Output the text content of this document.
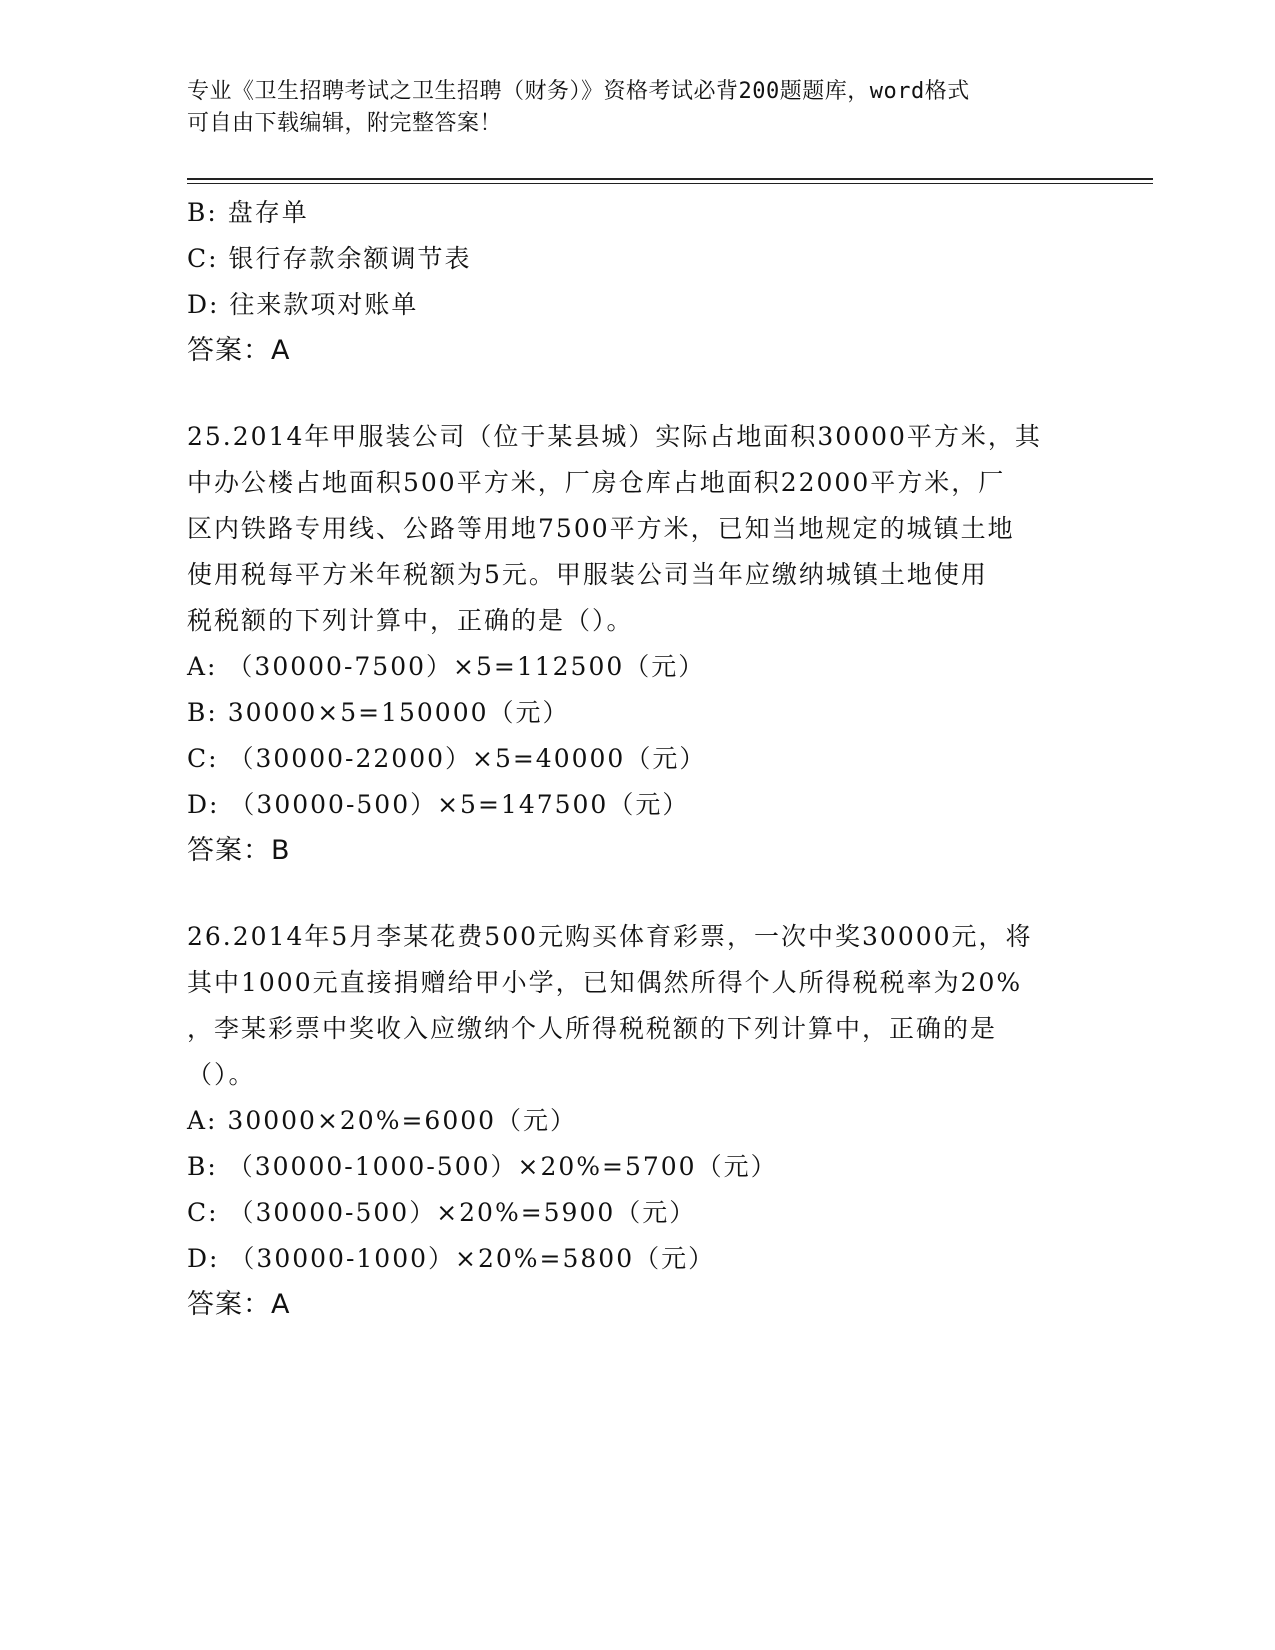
专业《卫生招聘考试之卫生招聘（财务）》资格考试必背200题题库，word格式
可自由下载编辑，附完整答案！
B: 盘存单
C: 银行存款余额调节表
D: 往来款项对账单
答案：A
25.2014年甲服装公司（位于某县城）实际占地面积30000平方米，其
中办公楼占地面积500平方米，厂房仓库占地面积22000平方米，厂
区内铁路专用线、公路等用地7500平方米，已知当地规定的城镇土地
使用税每平方米年税额为5元。甲服装公司当年应缴纳城镇土地使用
税税额的下列计算中，正确的是（）。
A: （30000-7500）×5=112500（元）
B: 30000×5=150000（元）
C: （30000-22000）×5=40000（元）
D: （30000-500）×5=147500（元）
答案：B
26.2014年5月李某花费500元购买体育彩票，一次中奖30000元，将
其中1000元直接捐赠给甲小学，已知偶然所得个人所得税税率为20%
，李某彩票中奖收入应缴纳个人所得税税额的下列计算中，正确的是
（）。
A: 30000×20%=6000（元）
B: （30000-1000-500）×20%=5700（元）
C: （30000-500）×20%=5900（元）
D: （30000-1000）×20%=5800（元）
答案：A
